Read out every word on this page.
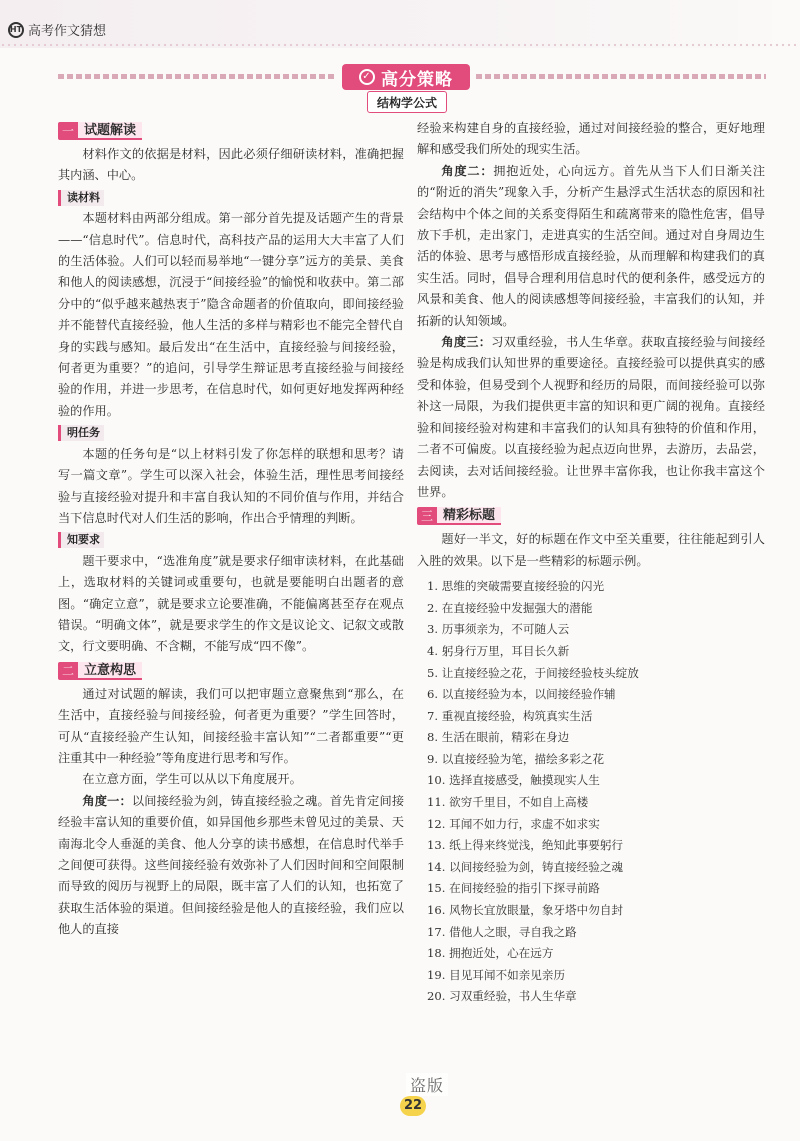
HT 高考作文猜想
✓ 高分策略
结构学公式
一 试题解读

材料作文的依据是材料，因此必须仔细研读材料，准确把握其内涵、中心。

读材料

本题材料由两部分组成。第一部分首先提及话题产生的背景——“信息时代”。信息时代，高科技产品的运用大大丰富了人们的生活体验。人们可以轻而易举地“一键分享”远方的美景、美食和他人的阅读感想，沉浸于“间接经验”的愉悦和收获中。第二部分中的“似乎越来越热衷于”隐含命题者的价值取向，即间接经验并不能替代直接经验，他人生活的多样与精彩也不能完全替代自身的实践与感知。最后发出“在生活中，直接经验与间接经验，何者更为重要？”的追问，引导学生辩证思考直接经验与间接经验的作用，并进一步思考，在信息时代，如何更好地发挥两种经验的作用。

明任务

本题的任务句是“以上材料引发了你怎样的联想和思考？请写一篇文章”。学生可以深入社会，体验生活，理性思考间接经验与直接经验对提升和丰富自我认知的不同价值与作用，并结合当下信息时代对人们生活的影响，作出合乎情理的判断。

知要求

题干要求中，“选准角度”就是要求仔细审读材料，在此基础上，选取材料的关键词或重要句，也就是要能明白出题者的意图。“确定立意”，就是要求立论要准确，不能偏离甚至存在观点错误。“明确文体”，就是要求学生的作文是议论文、记叙文或散文，行文要明确、不含糊，不能写成“四不像”。

二 立意构思

通过对试题的解读，我们可以把审题立意聚焦到“那么，在生活中，直接经验与间接经验，何者更为重要？”学生回答时，可从“直接经验产生认知，间接经验丰富认知”“二者都重要”“更注重其中一种经验”等角度进行思考和写作。

在立意方面，学生可以从以下角度展开。

角度一：以间接经验为剑，铸直接经验之魂。首先肯定间接经验丰富认知的重要价值，如异国他乡那些未曾见过的美景、天南海北令人垂涎的美食、他人分享的读书感想，在信息时代举手之间便可获得。这些间接经验有效弥补了人们因时间和空间限制而导致的阅历与视野上的局限，既丰富了人们的认知，也拓宽了获取生活体验的渠道。但间接经验是他人的直接经验，我们应以他人的直接

经验来构建自身的直接经验，通过对间接经验的整合，更好地理解和感受我们所处的现实生活。

角度二：拥抱近处，心向远方。首先从当下人们日渐关注的“附近的消失”现象入手，分析产生悬浮式生活状态的原因和社会结构中个体之间的关系变得陌生和疏离带来的隐性危害，倡导放下手机，走出家门，走进真实的生活空间。通过对自身周边生活的体验、思考与感悟形成直接经验，从而理解和构建我们的真实生活。同时，倡导合理利用信息时代的便利条件，感受远方的风景和美食、他人的阅读感想等间接经验，丰富我们的认知，并拓新的认知领域。

角度三：习双重经验，书人生华章。获取直接经验与间接经验是构成我们认知世界的重要途径。直接经验可以提供真实的感受和体验，但易受到个人视野和经历的局限，而间接经验可以弥补这一局限，为我们提供更丰富的知识和更广阔的视角。直接经验和间接经验对构建和丰富我们的认知具有独特的价值和作用，二者不可偏废。以直接经验为起点迈向世界，去游历，去品尝，去阅读，去对话间接经验。让世界丰富你我，也让你我丰富这个世界。

三 精彩标题

题好一半文，好的标题在作文中至关重要，往往能起到引人入胜的效果。以下是一些精彩的标题示例。

1. 思维的突破需要直接经验的闪光
2. 在直接经验中发掘强大的潜能
3. 历事须亲为，不可随人云
4. 躬身行万里，耳目长久新
5. 让直接经验之花，于间接经验枝头绽放
6. 以直接经验为本，以间接经验作辅
7. 重视直接经验，构筑真实生活
8. 生活在眼前，精彩在身边
9. 以直接经验为笔，描绘多彩之花
10. 选择直接感受，触摸现实人生
11. 欲穷千里目，不如自上高楼
12. 耳闻不如力行，求虚不如求实
13. 纸上得来终觉浅，绝知此事要躬行
14. 以间接经验为剑，铸直接经验之魂
15. 在间接经验的指引下探寻前路
16. 风物长宜放眼量，象牙塔中勿自封
17. 借他人之眼，寻自我之路
18. 拥抱近处，心在远方
19. 目见耳闻不如亲见亲历
20. 习双重经验，书人生华章
盗版
22
